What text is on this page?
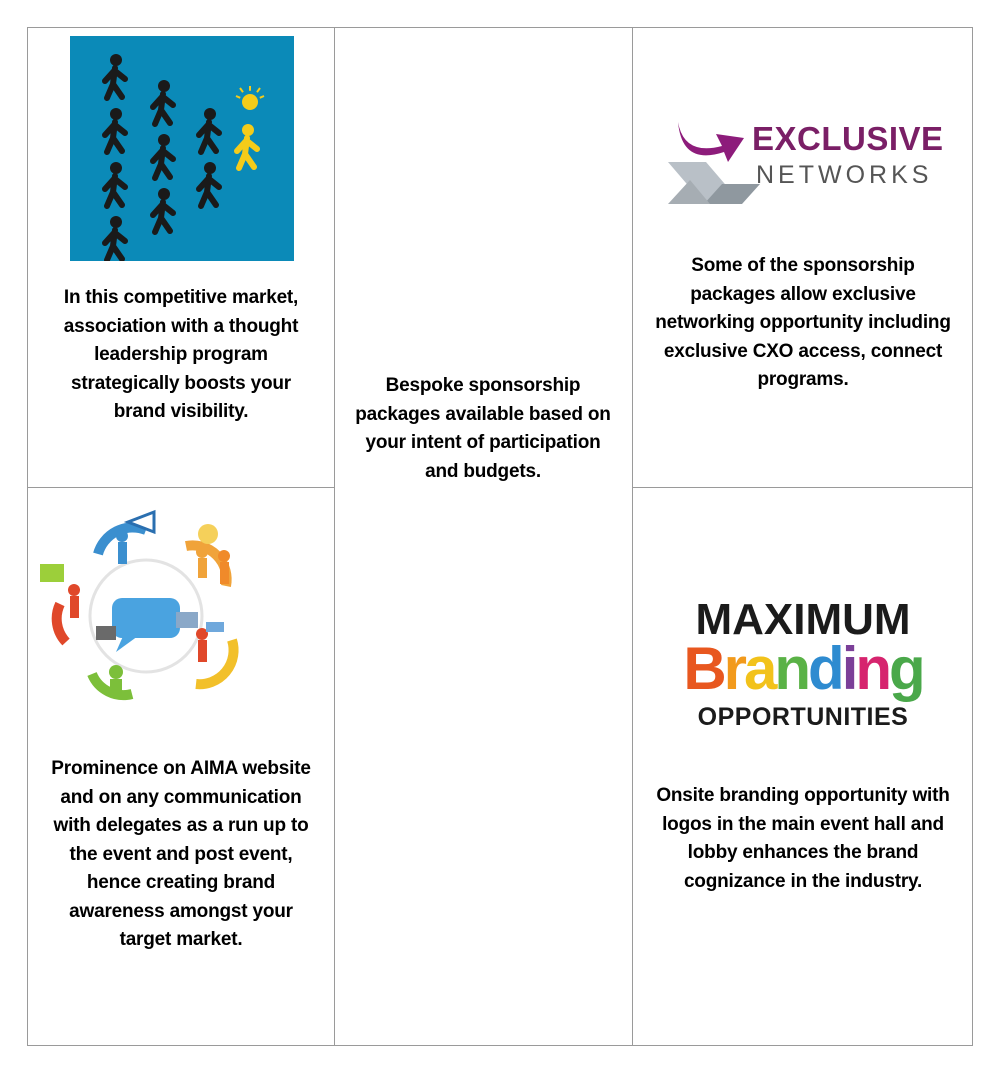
In this competitive market,
association with a thought
leadership program
strategically boosts your
brand visibility.
Bespoke sponsorship
packages available based on
your intent of participation
and budgets.
EXCLUSIVE
NETWORKS
Some of the sponsorship
packages allow exclusive
networking opportunity including
exclusive CXO access, connect
programs.
Prominence on AIMA website
and on any communication
with delegates as a run up to
the event and post event,
hence creating brand
awareness amongst your
target market.
MAXIMUM
Branding
OPPORTUNITIES
Onsite branding opportunity with
logos in the main event hall and
lobby enhances the brand
cognizance in the industry.
